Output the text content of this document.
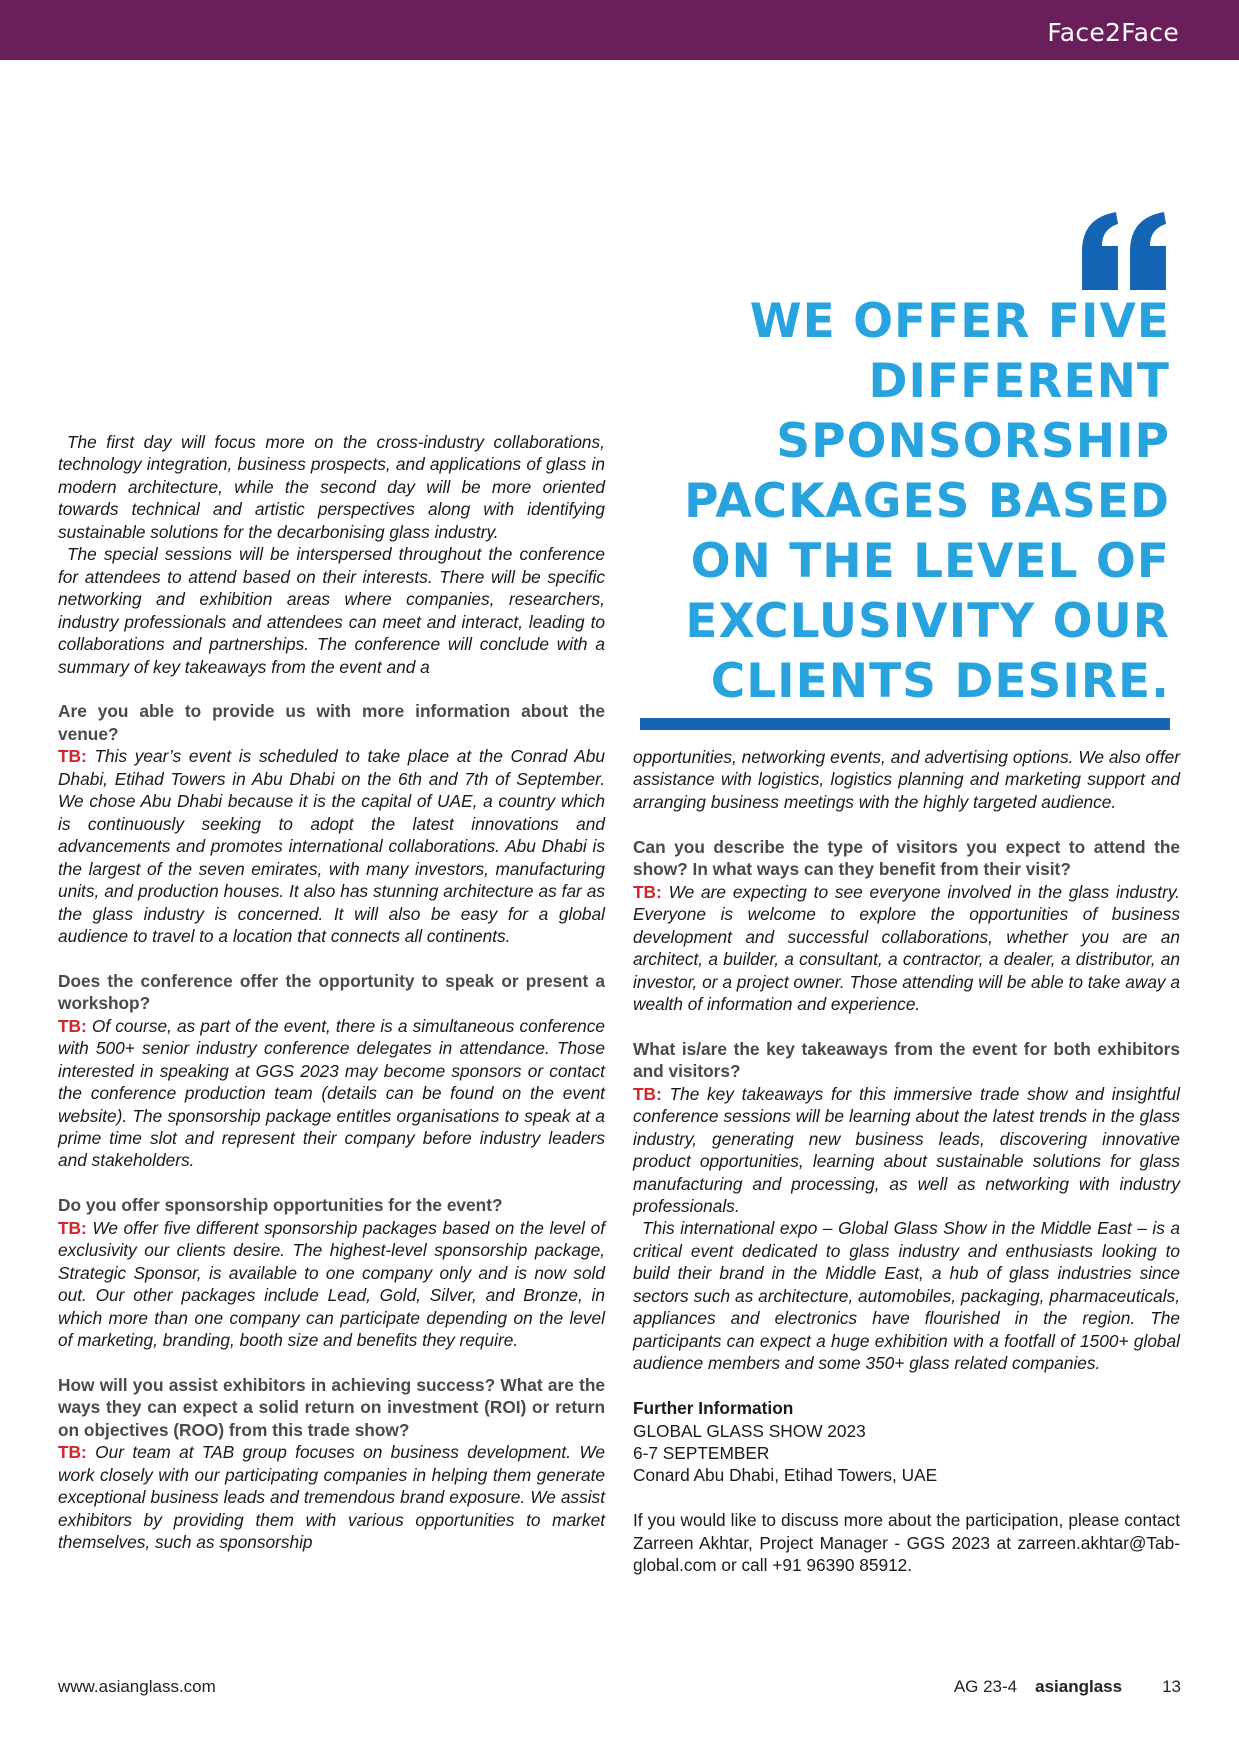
Face2Face
WE OFFER FIVE
DIFFERENT
SPONSORSHIP
PACKAGES BASED
ON THE LEVEL OF
EXCLUSIVITY OUR
CLIENTS DESIRE.

The first day will focus more on the cross-industry collaborations, technology integration, business prospects, and applications of glass in modern architecture, while the second day will be more oriented towards technical and artistic perspectives along with identifying sustainable solutions for the decarbonising glass industry.

The special sessions will be interspersed throughout the conference for attendees to attend based on their interests. There will be specific networking and exhibition areas where companies, researchers, industry professionals and attendees can meet and interact, leading to collaborations and partnerships. The conference will conclude with a summary of key takeaways from the event and a

Are you able to provide us with more information about the venue?

TB: This year’s event is scheduled to take place at the Conrad Abu Dhabi, Etihad Towers in Abu Dhabi on the 6th and 7th of September. We chose Abu Dhabi because it is the capital of UAE, a country which is continuously seeking to adopt the latest innovations and advancements and promotes international collaborations. Abu Dhabi is the largest of the seven emirates, with many investors, manufacturing units, and production houses. It also has stunning architecture as far as the glass industry is concerned. It will also be easy for a global audience to travel to a location that connects all continents.

Does the conference offer the opportunity to speak or present a workshop?

TB: Of course, as part of the event, there is a simultaneous conference with 500+ senior industry conference delegates in attendance. Those interested in speaking at GGS 2023 may become sponsors or contact the conference production team (details can be found on the event website). The sponsorship package entitles organisations to speak at a prime time slot and represent their company before industry leaders and stakeholders.

Do you offer sponsorship opportunities for the event?

TB: We offer five different sponsorship packages based on the level of exclusivity our clients desire. The highest-level sponsorship package, Strategic Sponsor, is available to one company only and is now sold out. Our other packages include Lead, Gold, Silver, and Bronze, in which more than one company can participate depending on the level of marketing, branding, booth size and benefits they require.

How will you assist exhibitors in achieving success? What are the ways they can expect a solid return on investment (ROI) or return on objectives (ROO) from this trade show?

TB: Our team at TAB group focuses on business development. We work closely with our participating companies in helping them generate exceptional business leads and tremendous brand exposure. We assist exhibitors by providing them with various opportunities to market themselves, such as sponsorship

opportunities, networking events, and advertising options. We also offer assistance with logistics, logistics planning and marketing support and arranging business meetings with the highly targeted audience.

Can you describe the type of visitors you expect to attend the show? In what ways can they benefit from their visit?

TB: We are expecting to see everyone involved in the glass industry. Everyone is welcome to explore the opportunities of business development and successful collaborations, whether you are an architect, a builder, a consultant, a contractor, a dealer, a distributor, an investor, or a project owner. Those attending will be able to take away a wealth of information and experience.

What is/are the key takeaways from the event for both exhibitors and visitors?

TB: The key takeaways for this immersive trade show and insightful conference sessions will be learning about the latest trends in the glass industry, generating new business leads, discovering innovative product opportunities, learning about sustainable solutions for glass manufacturing and processing, as well as networking with industry professionals.

This international expo – Global Glass Show in the Middle East – is a critical event dedicated to glass industry and enthusiasts looking to build their brand in the Middle East, a hub of glass industries since sectors such as architecture, automobiles, packaging, pharmaceuticals, appliances and electronics have flourished in the region. The participants can expect a huge exhibition with a footfall of 1500+ global audience members and some 350+ glass related companies.

Further Information

GLOBAL GLASS SHOW 2023

6-7 SEPTEMBER

Conard Abu Dhabi, Etihad Towers, UAE

If you would like to discuss more about the participation, please contact Zarreen Akhtar, Project Manager - GGS 2023 at zarreen.akhtar@Tab-global.com or call +91 96390 85912.

www.asianglass.com	AG 23-4 asianglass 13
